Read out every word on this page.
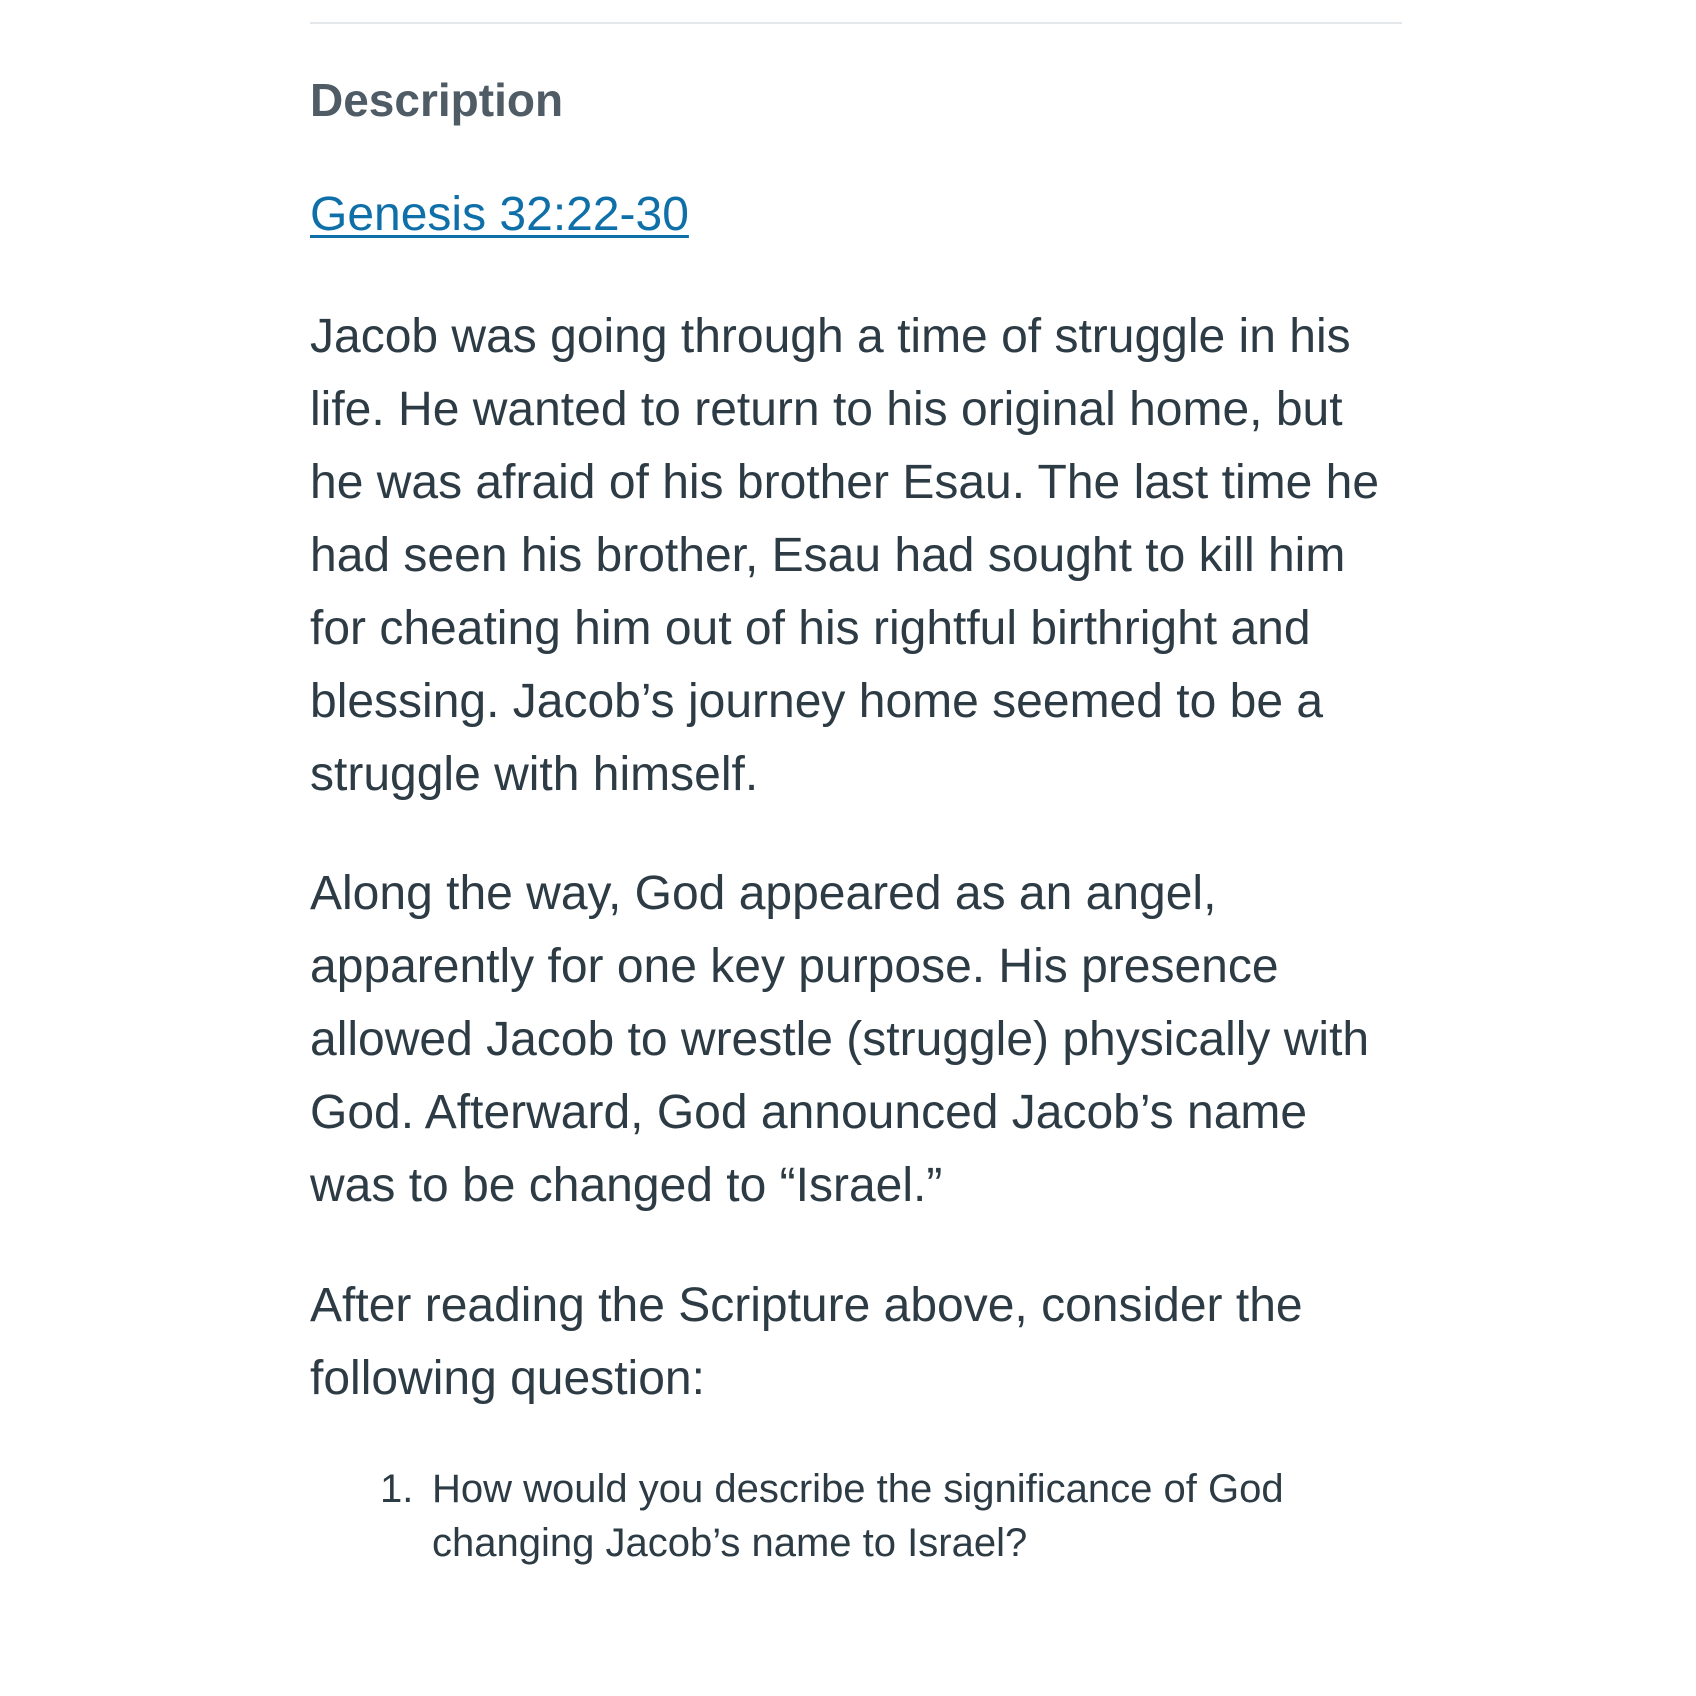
Description
Genesis 32:22-30

Jacob was going through a time of struggle in his life. He wanted to return to his original home, but he was afraid of his brother Esau. The last time he had seen his brother, Esau had sought to kill him for cheating him out of his rightful birthright and blessing. Jacob’s journey home seemed to be a struggle with himself.

Along the way, God appeared as an angel, apparently for one key purpose. His presence allowed Jacob to wrestle (struggle) physically with God. Afterward, God announced Jacob’s name was to be changed to “Israel.”

After reading the Scripture above, consider the following question:

1. How would you describe the significance of God changing Jacob’s name to Israel?
